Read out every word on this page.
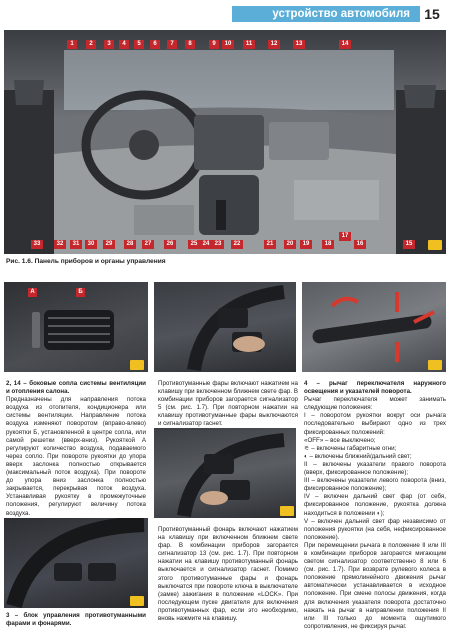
устройство автомобиля	15
1	2	3	4	5	6	7	8	9	10	11	12	13	14
33	32	31	30	29	28	27	26	25 24 23	22	21	20	19	18
17
16	15
Рис. 1.6. Панель приборов и органы управления
А	Б
2, 14 – боковые сопла системы вентиляции и отопления салона.
Предназначены для направления потока воздуха из отопителя, кондиционера или системы вентиляции. Направление потока воздуха изменяют поворотом (вправо-влево) рукоятки Б, установленной в центре сопла, или самой решетки (вверх-вниз). Рукояткой А регулируют количество воздуха, подаваемого через сопло. При повороте рукоятки до упора вверх заслонка полностью открывается (максимальный поток воздуха). При повороте до упора вниз заслонка полностью закрывается, перекрывая поток воздуха. Устанавливая рукоятку в промежуточные положения, регулируют величину потока воздуха.
3 – блок управления противотуманными фарами и фонарями.
Противотуманные фары включают нажатием на клавишу при включенном ближнем свете фар. В комбинации приборов загорается сигнализатор 5 (см. рис. 1.7). При повторном нажатии на клавишу противотуманные фары выключаются и сигнализатор гаснет.
Противотуманный фонарь включают нажатием на клавишу при включенном ближнем свете фар. В комбинации приборов загорается сигнализатор 13 (см. рис. 1.7). При повторном нажатии на клавишу противотуманный фонарь выключается и сигнализатор гаснет. Помимо этого противотуманные фары и фонарь выключатся при повороте ключа в выключателе (замке) зажигания в положение «LOCK». При последующем пуске двигателя для включения противотуманных фар, если это необходимо, вновь нажмите на клавишу.
4 – рычаг переключателя наружного освещения и указателей поворота.
Рычаг переключателя может занимать следующие положения:
I – поворотом рукоятки вокруг оси рычага последовательно выбирают одно из трех фиксированных положений:
«OFF» – все выключено;
⚟ – включены габаритные огни;
◐ – включены ближний/дальний свет;
II – включены указатели правого поворота (вверх, фиксированное положение);
III – включены указатели левого поворота (вниз, фиксированное положение);
IV – включен дальний свет фар (от себя, фиксированное положение, рукоятка должна находиться в положении ◐);
V – включен дальний свет фар независимо от положения рукоятки (на себя, нефиксированное положение).
При перемещении рычага в положение II или III в комбинации приборов загорается мигающим светом сигнализатор соответственно 8 или 6 (см. рис. 1.7). При возврате рулевого колеса в положение прямолинейного движения рычаг автоматически устанавливается в исходное положение. При смене полосы движения, когда для включения указателя поворота достаточно нажать на рычаг в направлении положения II или III только до момента ощутимого сопротивления, не фиксируя рычаг.
